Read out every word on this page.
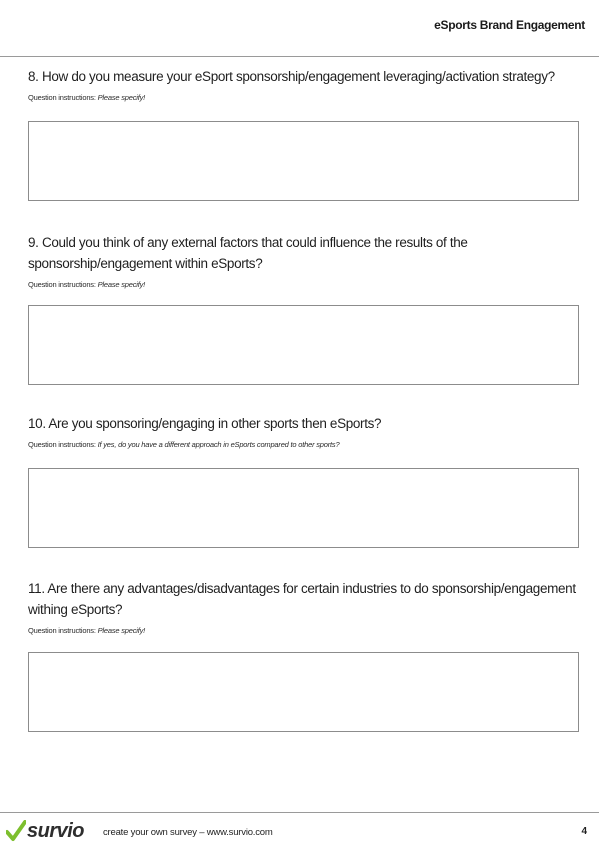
eSports Brand Engagement

8. How do you measure your eSport sponsorship/engagement leveraging/activation strategy?

Question instructions: Please specify!

9. Could you think of any external factors that could influence the results of the sponsorship/engagement within eSports?

Question instructions: Please specify!

10. Are you sponsoring/engaging in other sports then eSports?

Question instructions: If yes, do you have a different approach in eSports compared to other sports?

11. Are there any advantages/disadvantages for certain industries to do sponsorship/engagement withing eSports?

Question instructions: Please specify!
survio create your own survey – www.survio.com	4
